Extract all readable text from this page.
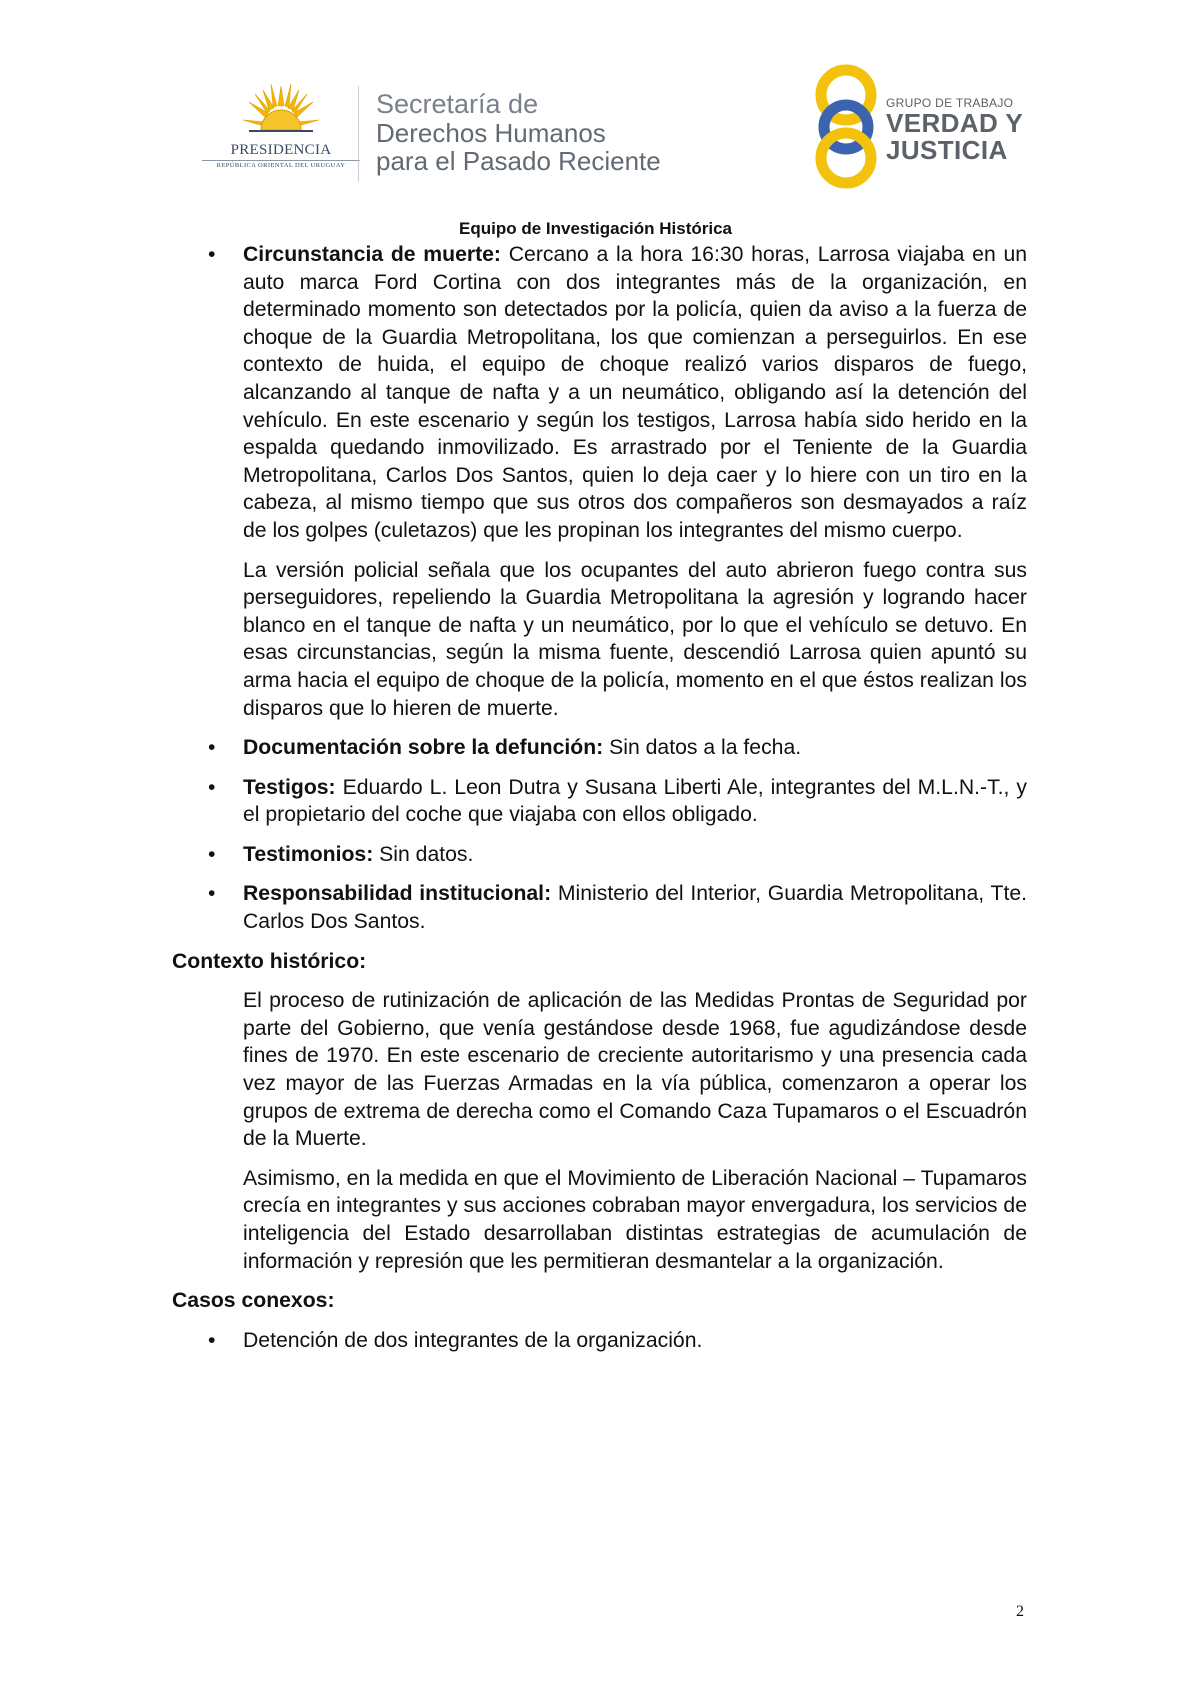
PRESIDENCIA
REPÚBLICA ORIENTAL DEL URUGUAY
Secretaría de
Derechos Humanos
para el Pasado Reciente
GRUPO DE TRABAJO
VERDAD Y
JUSTICIA
Equipo de Investigación Histórica
• Circunstancia de muerte: Cercano a la hora 16:30 horas, Larrosa viajaba en un auto marca Ford Cortina con dos integrantes más de la organización, en determinado momento son detectados por la policía, quien da aviso a la fuerza de choque de la Guardia Metropolitana, los que comienzan a perseguirlos. En ese contexto de huida, el equipo de choque realizó varios disparos de fuego, alcanzando al tanque de nafta y a un neumático, obligando así la detención del vehículo. En este escenario y según los testigos, Larrosa había sido herido en la espalda quedando inmovilizado. Es arrastrado por el Teniente de la Guardia Metropolitana, Carlos Dos Santos, quien lo deja caer y lo hiere con un tiro en la cabeza, al mismo tiempo que sus otros dos compañeros son desmayados a raíz de los golpes (culetazos) que les propinan los integrantes del mismo cuerpo.

La versión policial señala que los ocupantes del auto abrieron fuego contra sus perseguidores, repeliendo la Guardia Metropolitana la agresión y logrando hacer blanco en el tanque de nafta y un neumático, por lo que el vehículo se detuvo. En esas circunstancias, según la misma fuente, descendió Larrosa quien apuntó su arma hacia el equipo de choque de la policía, momento en el que éstos realizan los disparos que lo hieren de muerte.

• Documentación sobre la defunción: Sin datos a la fecha.

• Testigos: Eduardo L. Leon Dutra y Susana Liberti Ale, integrantes del M.L.N.-T., y el propietario del coche que viajaba con ellos obligado.

• Testimonios: Sin datos.

• Responsabilidad institucional: Ministerio del Interior, Guardia Metropolitana, Tte. Carlos Dos Santos.

Contexto histórico:

El proceso de rutinización de aplicación de las Medidas Prontas de Seguridad por parte del Gobierno, que venía gestándose desde 1968, fue agudizándose desde fines de 1970. En este escenario de creciente autoritarismo y una presencia cada vez mayor de las Fuerzas Armadas en la vía pública, comenzaron a operar los grupos de extrema de derecha como el Comando Caza Tupamaros o el Escuadrón de la Muerte.

Asimismo, en la medida en que el Movimiento de Liberación Nacional – Tupamaros crecía en integrantes y sus acciones cobraban mayor envergadura, los servicios de inteligencia del Estado desarrollaban distintas estrategias de acumulación de información y represión que les permitieran desmantelar a la organización.

Casos conexos:

• Detención de dos integrantes de la organización.

2
